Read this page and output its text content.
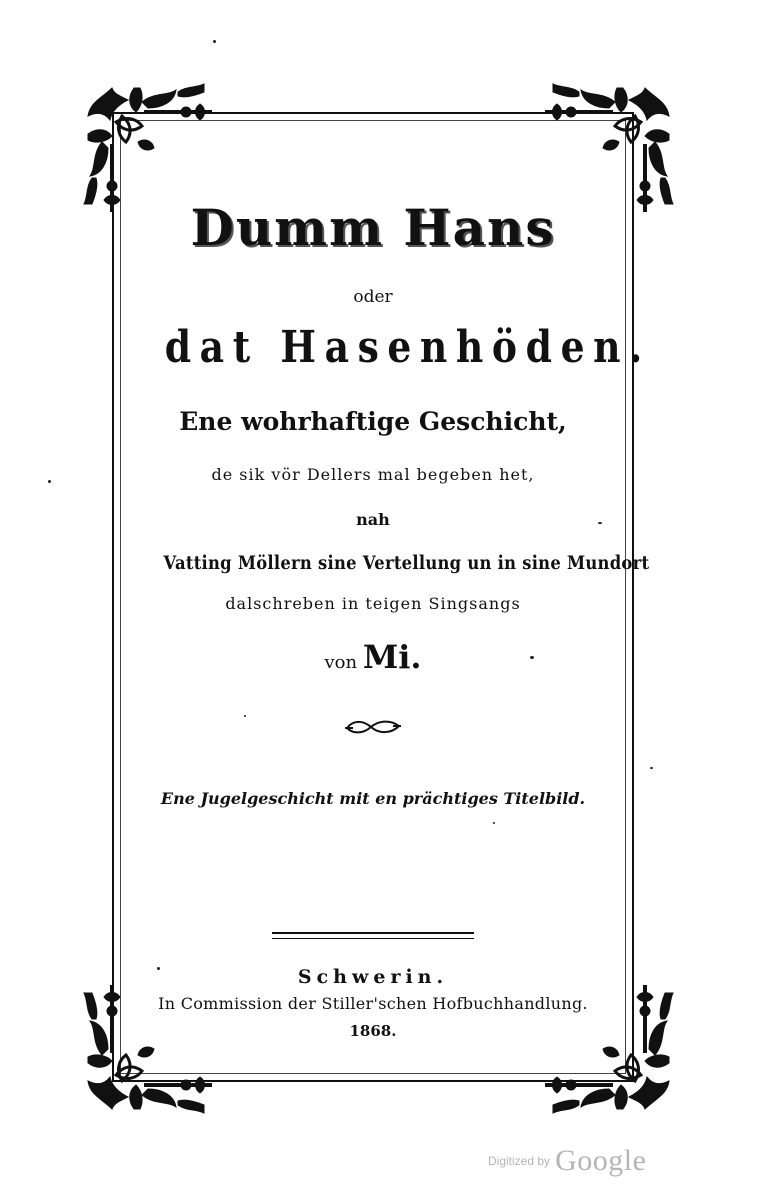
Dumm Hans
oder
dat Hasenhöden.
Ene wohrhaftige Geschicht,
de sik vör Dellers mal begeben het,
nah
Vatting Möllern sine Vertellung un in sine Mundort
dalschreben in teigen Singsangs
von Mi.
Ene Jugelgeschicht mit en prächtiges Titelbild.
Schwerin.
In Commission der Stiller'schen Hofbuchhandlung.
1868.
Digitized by Google
